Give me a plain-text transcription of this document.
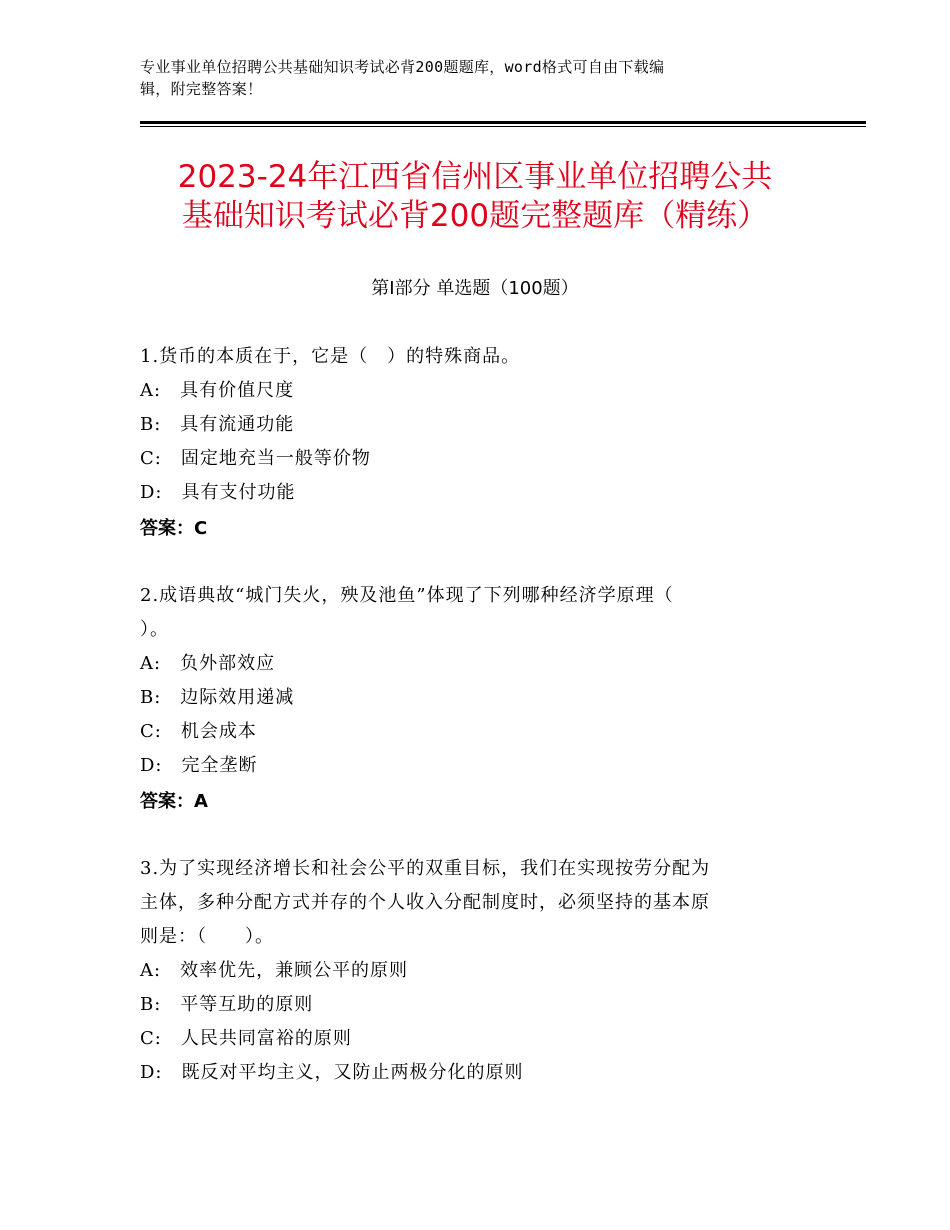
专业事业单位招聘公共基础知识考试必背200题题库，word格式可自由下载编
辑，附完整答案！
2023-24年江西省信州区事业单位招聘公共
基础知识考试必背200题完整题库（精练）
第Ⅰ部分 单选题（100题）
1.货币的本质在于，它是（　）的特殊商品。
A:　具有价值尺度
B:　具有流通功能
C:　固定地充当一般等价物
D:　具有支付功能
答案：C
2.成语典故“城门失火，殃及池鱼”体现了下列哪种经济学原理（
）。
A:　负外部效应
B:　边际效用递减
C:　机会成本
D:　完全垄断
答案：A
3.为了实现经济增长和社会公平的双重目标，我们在实现按劳分配为
主体，多种分配方式并存的个人收入分配制度时，必须坚持的基本原
则是：（　　）。
A:　效率优先，兼顾公平的原则
B:　平等互助的原则
C:　人民共同富裕的原则
D:　既反对平均主义，又防止两极分化的原则
